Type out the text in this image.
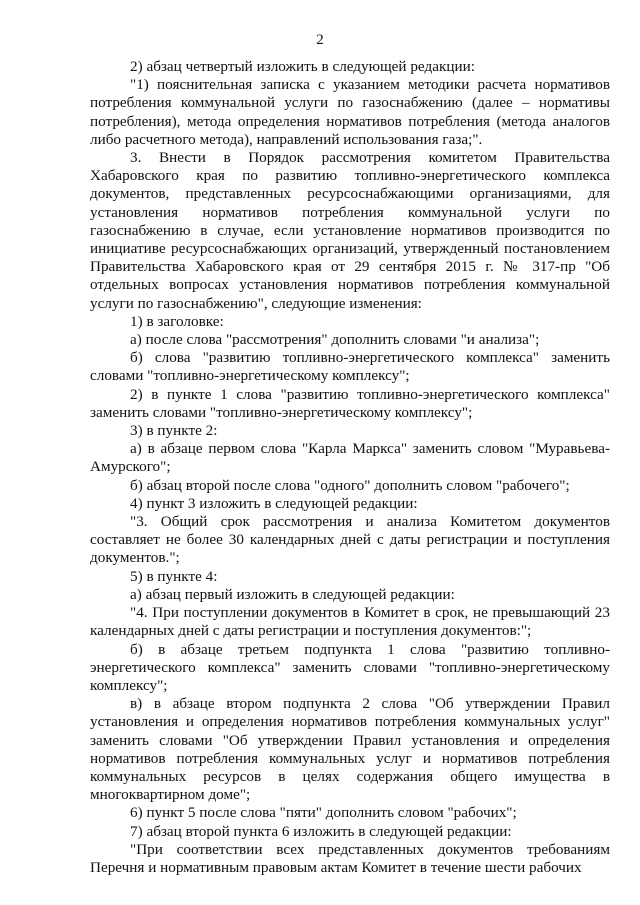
2

2) абзац четвертый изложить в следующей редакции:

"1) пояснительная записка с указанием методики расчета нормативов потребления коммунальной услуги по газоснабжению (далее – нормативы потребления), метода определения нормативов потребления (метода аналогов либо расчетного метода), направлений использования газа;".

3. Внести в Порядок рассмотрения комитетом Правительства Хабаровского края по развитию топливно-энергетического комплекса документов, представленных ресурсоснабжающими организациями, для установления нормативов потребления коммунальной услуги по газоснабжению в случае, если установление нормативов производится по инициативе ресурсоснабжающих организаций, утвержденный постановлением Правительства Хабаровского края от 29 сентября 2015 г. № 317-пр "Об отдельных вопросах установления нормативов потребления коммунальной услуги по газоснабжению", следующие изменения:

1) в заголовке:

а) после слова "рассмотрения" дополнить словами "и анализа";

б) слова "развитию топливно-энергетического комплекса" заменить словами "топливно-энергетическому комплексу";

2) в пункте 1 слова "развитию топливно-энергетического комплекса" заменить словами "топливно-энергетическому комплексу";

3) в пункте 2:

а) в абзаце первом слова "Карла Маркса" заменить словом "Муравьева-Амурского";

б) абзац второй после слова "одного" дополнить словом "рабочего";

4) пункт 3 изложить в следующей редакции:

"3. Общий срок рассмотрения и анализа Комитетом документов составляет не более 30 календарных дней с даты регистрации и поступления документов.";

5) в пункте 4:

а) абзац первый изложить в следующей редакции:

"4. При поступлении документов в Комитет в срок, не превышающий 23 календарных дней с даты регистрации и поступления документов:";

б) в абзаце третьем подпункта 1 слова "развитию топливно-энергетического комплекса" заменить словами "топливно-энергетическому комплексу";

в) в абзаце втором подпункта 2 слова "Об утверждении Правил установления и определения нормативов потребления коммунальных услуг" заменить словами "Об утверждении Правил установления и определения нормативов потребления коммунальных услуг и нормативов потребления коммунальных ресурсов в целях содержания общего имущества в многоквартирном доме";

6) пункт 5 после слова "пяти" дополнить словом "рабочих";

7) абзац второй пункта 6 изложить в следующей редакции:

"При соответствии всех представленных документов требованиям Перечня и нормативным правовым актам Комитет в течение шести рабочих
